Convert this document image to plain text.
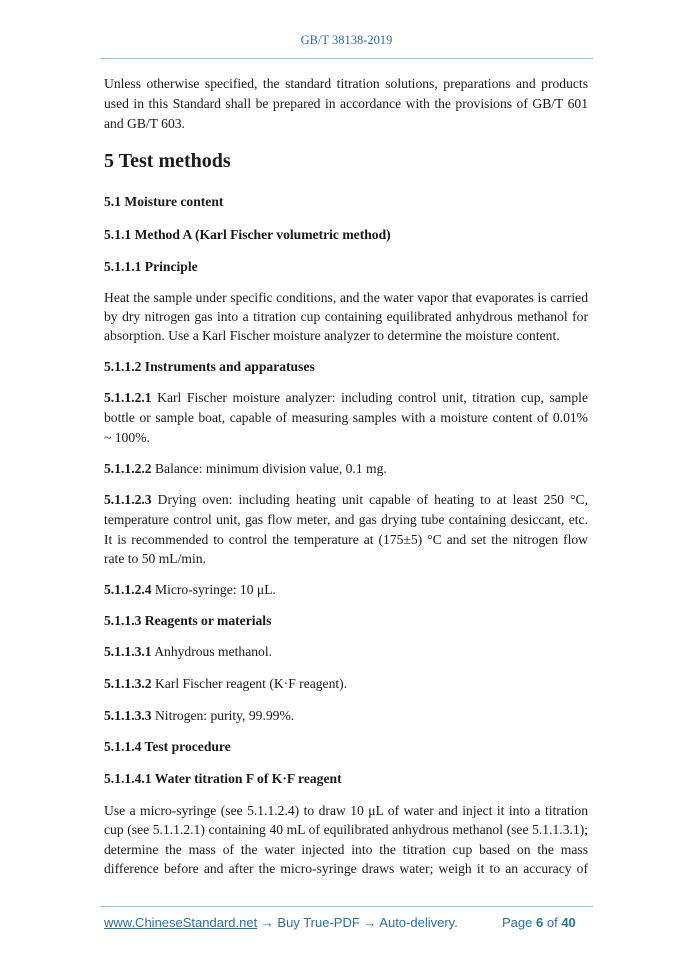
GB/T 38138-2019
Unless otherwise specified, the standard titration solutions, preparations and products
used in this Standard shall be prepared in accordance with the provisions of GB/T 601
and GB/T 603.
5 Test methods
5.1 Moisture content
5.1.1 Method A (Karl Fischer volumetric method)
5.1.1.1 Principle
Heat the sample under specific conditions, and the water vapor that evaporates is carried
by dry nitrogen gas into a titration cup containing equilibrated anhydrous methanol for
absorption. Use a Karl Fischer moisture analyzer to determine the moisture content.
5.1.1.2 Instruments and apparatuses
5.1.1.2.1 Karl Fischer moisture analyzer: including control unit, titration cup, sample
bottle or sample boat, capable of measuring samples with a moisture content of 0.01%
~ 100%.
5.1.1.2.2 Balance: minimum division value, 0.1 mg.
5.1.1.2.3 Drying oven: including heating unit capable of heating to at least 250 °C,
temperature control unit, gas flow meter, and gas drying tube containing desiccant, etc.
It is recommended to control the temperature at (175±5) °C and set the nitrogen flow
rate to 50 mL/min.
5.1.1.2.4 Micro-syringe: 10 μL.
5.1.1.3 Reagents or materials
5.1.1.3.1 Anhydrous methanol.
5.1.1.3.2 Karl Fischer reagent (K·F reagent).
5.1.1.3.3 Nitrogen: purity, 99.99%.
5.1.1.4 Test procedure
5.1.1.4.1 Water titration F of K·F reagent
Use a micro-syringe (see 5.1.1.2.4) to draw 10 μL of water and inject it into a titration
cup (see 5.1.1.2.1) containing 40 mL of equilibrated anhydrous methanol (see 5.1.1.3.1);
determine the mass of the water injected into the titration cup based on the mass
difference before and after the micro-syringe draws water; weigh it to an accuracy of
www.ChineseStandard.net → Buy True-PDF → Auto-delivery.	Page 6 of 40
